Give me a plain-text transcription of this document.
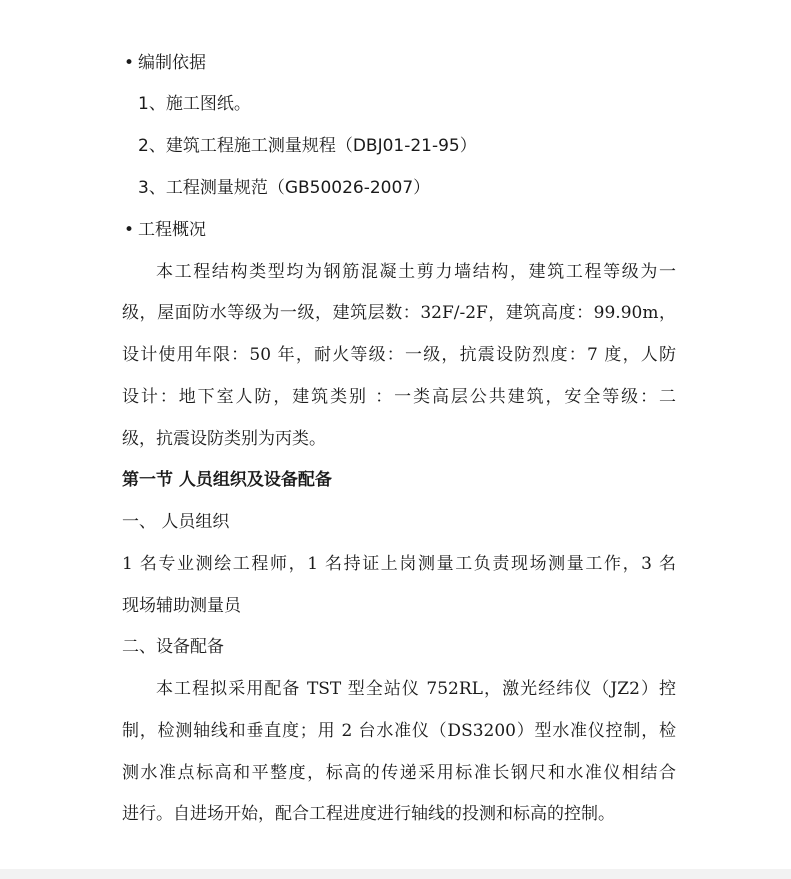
• 编制依据
1、施工图纸。
2、建筑工程施工测量规程（DBJ01-21-95）
3、工程测量规范（GB50026-2007）
• 工程概况
本工程结构类型均为钢筋混凝土剪力墙结构，建筑工程等级为一
级，屋面防水等级为一级，建筑层数：32F/-2F，建筑高度：99.90m，
设计使用年限：50 年，耐火等级：一级，抗震设防烈度：7 度，人防
设计：地下室人防，建筑类别 ：一类高层公共建筑，安全等级：二
级，抗震设防类别为丙类。
第一节 人员组织及设备配备
一、 人员组织
1 名专业测绘工程师，1 名持证上岗测量工负责现场测量工作，3 名
现场辅助测量员
二、设备配备
本工程拟采用配备 TST 型全站仪 752RL，激光经纬仪（JZ2）控
制，检测轴线和垂直度；用 2 台水准仪（DS3200）型水准仪控制，检
测水准点标高和平整度，标高的传递采用标准长钢尺和水准仪相结合
进行。自进场开始，配合工程进度进行轴线的投测和标高的控制。
